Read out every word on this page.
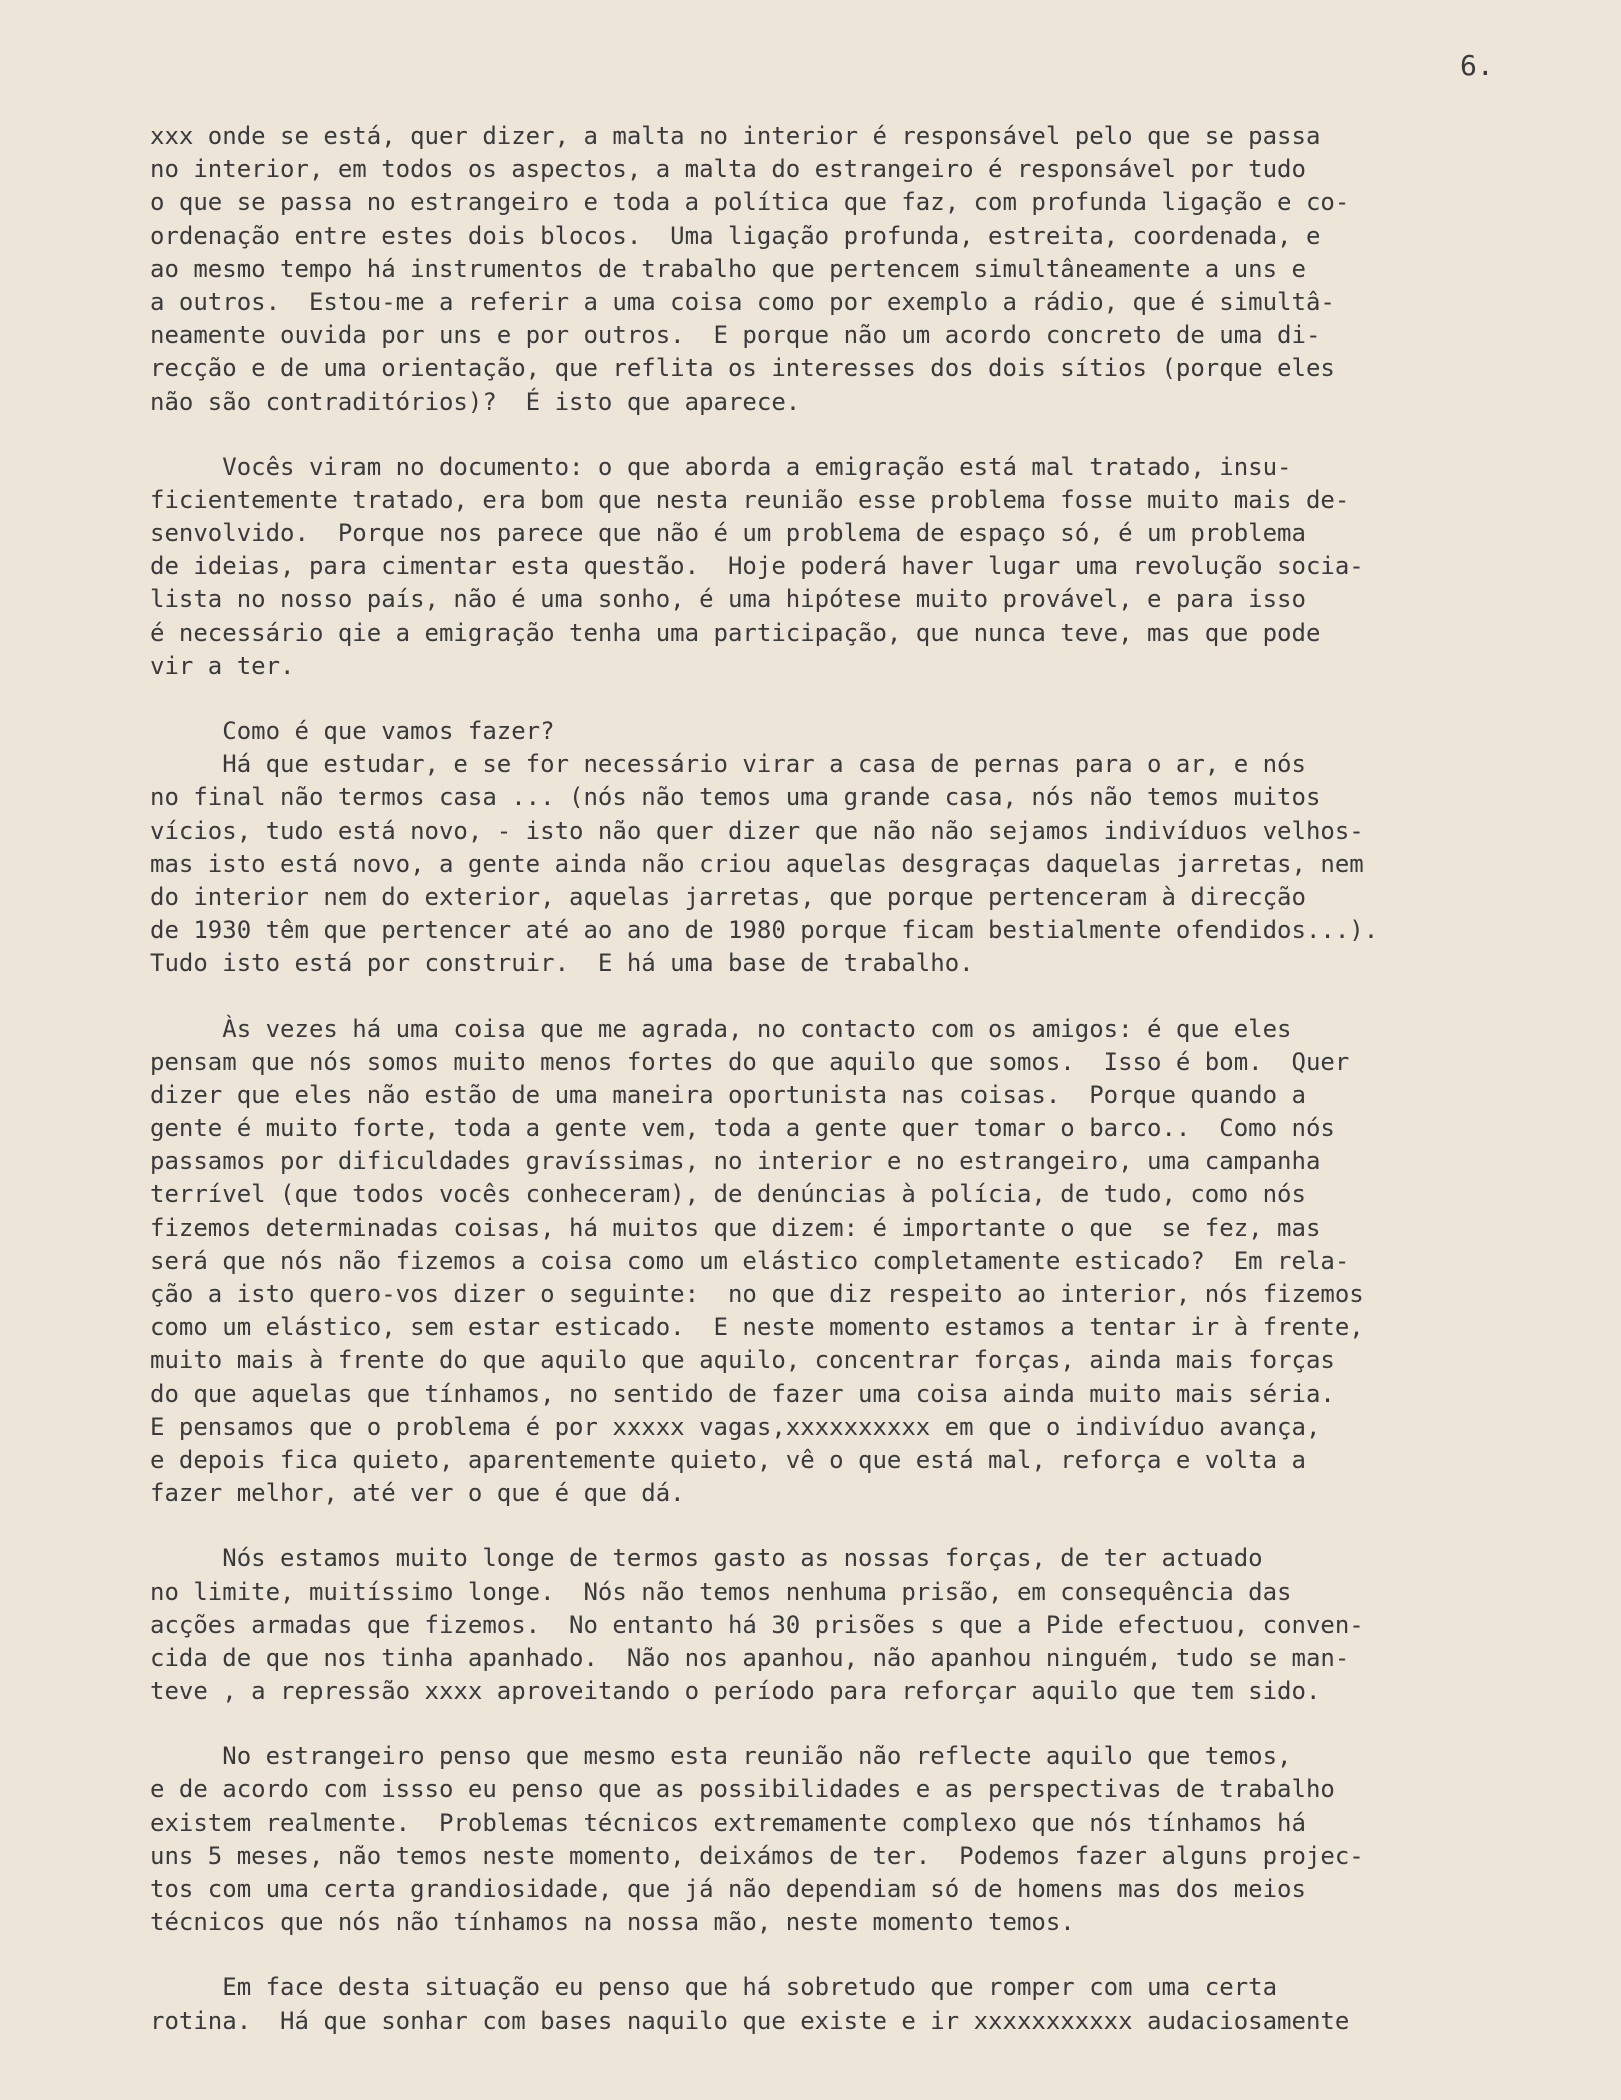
6.
xxx onde se está, quer dizer, a malta no interior é responsável pelo que se passa
no interior, em todos os aspectos, a malta do estrangeiro é responsável por tudo
o que se passa no estrangeiro e toda a política que faz, com profunda ligação e co-
ordenação entre estes dois blocos.  Uma ligação profunda, estreita, coordenada, e
ao mesmo tempo há instrumentos de trabalho que pertencem simultâneamente a uns e
a outros.  Estou-me a referir a uma coisa como por exemplo a rádio, que é simultâ-
neamente ouvida por uns e por outros.  E porque não um acordo concreto de uma di-
recção e de uma orientação, que reflita os interesses dos dois sítios (porque eles
não são contraditórios)?  É isto que aparece.
Vocês viram no documento: o que aborda a emigração está mal tratado, insu-
ficientemente tratado, era bom que nesta reunião esse problema fosse muito mais de-
senvolvido.  Porque nos parece que não é um problema de espaço só, é um problema
de ideias, para cimentar esta questão.  Hoje poderá haver lugar uma revolução socia-
lista no nosso país, não é uma sonho, é uma hipótese muito provável, e para isso
é necessário qie a emigração tenha uma participação, que nunca teve, mas que pode
vir a ter.
Como é que vamos fazer?
Há que estudar, e se for necessário virar a casa de pernas para o ar, e nós
no final não termos casa ... (nós não temos uma grande casa, nós não temos muitos
vícios, tudo está novo, - isto não quer dizer que não não sejamos indivíduos velhos-
mas isto está novo, a gente ainda não criou aquelas desgraças daquelas jarretas, nem
do interior nem do exterior, aquelas jarretas, que porque pertenceram à direcção
de 1930 têm que pertencer até ao ano de 1980 porque ficam bestialmente ofendidos...).
Tudo isto está por construir.  E há uma base de trabalho.
Às vezes há uma coisa que me agrada, no contacto com os amigos: é que eles
pensam que nós somos muito menos fortes do que aquilo que somos.  Isso é bom.  Quer
dizer que eles não estão de uma maneira oportunista nas coisas.  Porque quando a
gente é muito forte, toda a gente vem, toda a gente quer tomar o barco..  Como nós
passamos por dificuldades gravíssimas, no interior e no estrangeiro, uma campanha
terrível (que todos vocês conheceram), de denúncias à polícia, de tudo, como nós
fizemos determinadas coisas, há muitos que dizem: é importante o que  se fez, mas
será que nós não fizemos a coisa como um elástico completamente esticado?  Em rela-
ção a isto quero-vos dizer o seguinte:  no que diz respeito ao interior, nós fizemos
como um elástico, sem estar esticado.  E neste momento estamos a tentar ir à frente,
muito mais à frente do que aquilo que aquilo, concentrar forças, ainda mais forças
do que aquelas que tínhamos, no sentido de fazer uma coisa ainda muito mais séria.
E pensamos que o problema é por xxxxx vagas,xxxxxxxxxx em que o indivíduo avança,
e depois fica quieto, aparentemente quieto, vê o que está mal, reforça e volta a
fazer melhor, até ver o que é que dá.
Nós estamos muito longe de termos gasto as nossas forças, de ter actuado
no limite, muitíssimo longe.  Nós não temos nenhuma prisão, em consequência das
acções armadas que fizemos.  No entanto há 30 prisões s que a Pide efectuou, conven-
cida de que nos tinha apanhado.  Não nos apanhou, não apanhou ninguém, tudo se man-
teve , a repressão xxxx aproveitando o período para reforçar aquilo que tem sido.
No estrangeiro penso que mesmo esta reunião não reflecte aquilo que temos,
e de acordo com issso eu penso que as possibilidades e as perspectivas de trabalho
existem realmente.  Problemas técnicos extremamente complexo que nós tínhamos há
uns 5 meses, não temos neste momento, deixámos de ter.  Podemos fazer alguns projec-
tos com uma certa grandiosidade, que já não dependiam só de homens mas dos meios
técnicos que nós não tínhamos na nossa mão, neste momento temos.
Em face desta situação eu penso que há sobretudo que romper com uma certa
rotina.  Há que sonhar com bases naquilo que existe e ir xxxxxxxxxxx audaciosamente
